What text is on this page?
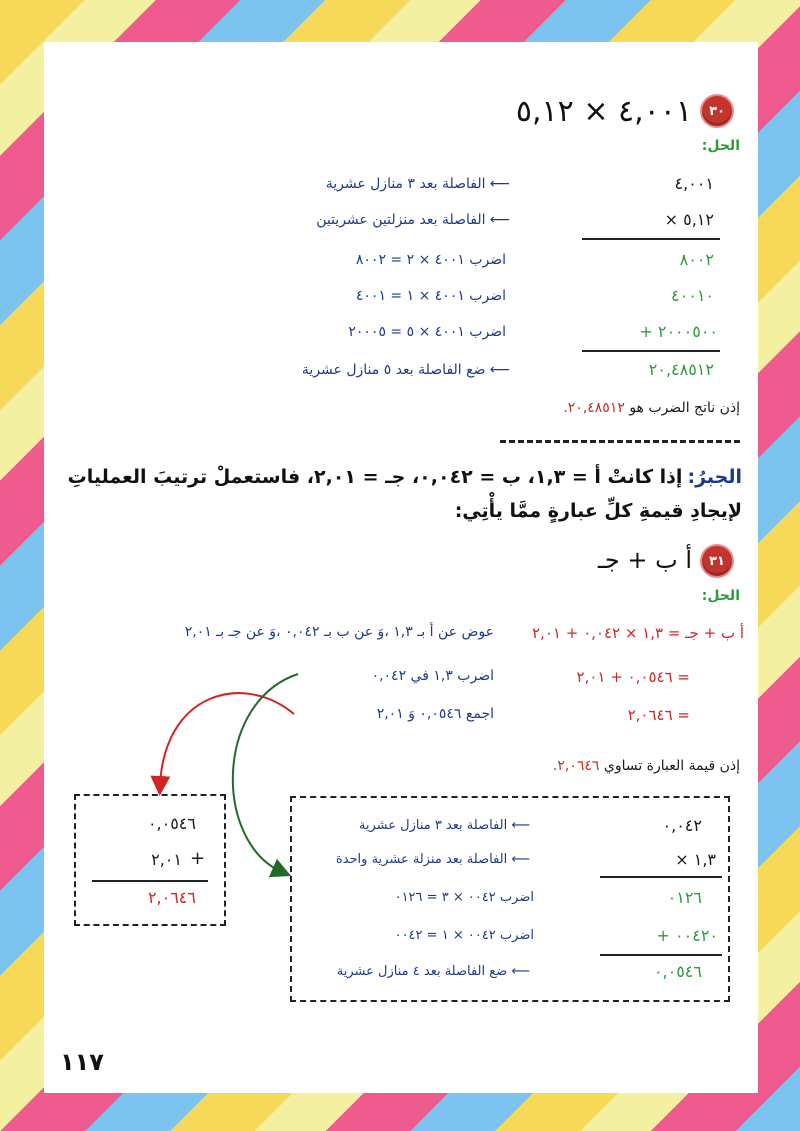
٣٠
٤,٠٠١ × ٥,١٢
الحل:
٤,٠٠١
٥,١٢ ×
٨٠٠٢
٤٠٠١٠
٢٠٠٠٥٠٠ +
٢٠,٤٨٥١٢
⟵ الفاصلة بعد ٣ منازل عشرية
⟵ الفاصلة بعد منزلتين عشريتين
اضرب ٤٠٠١ × ٢ = ٨٠٠٢
اضرب ٤٠٠١ × ١ = ٤٠٠١
اضرب ٤٠٠١ × ٥ = ٢٠٠٠٥
⟵ ضع الفاصلة بعد ٥ منازل عشرية
إذن ناتج الضرب هو ٢٠,٤٨٥١٢.
الجبرُ: إذا كانتْ أ = ١,٣، ب = ٠,٠٤٢، جـ = ٢,٠١، فاستعملْ ترتيبَ العملياتِ
لإيجادِ قيمةِ كلِّ عبارةٍ ممَّا يأْتِي:
٣١
أ ب + جـ
الحل:
أ ب + جـ = ١,٣ × ٠,٠٤٢ + ٢,٠١
عوض عن أ بـ ١,٣ ،وَ عن ب بـ ٠,٠٤٢ ،وَ عن جـ بـ ٢,٠١
= ٠,٠٥٤٦ + ٢,٠١
اضرب ١,٣ في ٠,٠٤٢
= ٢,٠٦٤٦
اجمع ٠,٠٥٤٦ وَ ٢,٠١
إذن قيمة العبارة تساوي ٢,٠٦٤٦.
٠,٠٥٤٦
٢,٠١ +
٢,٠٦٤٦
٠,٠٤٢
١,٣ ×
٠١٢٦
٠٠٤٢٠ +
٠,٠٥٤٦
⟵ الفاصلة بعد ٣ منازل عشرية
⟵ الفاصلة بعد منزلة عشرية واحدة
اضرب ٠٠٤٢ × ٣ = ٠١٢٦
اضرب ٠٠٤٢ × ١ = ٠٠٤٢
⟵ ضع الفاصلة بعد ٤ منازل عشرية
١١٧
